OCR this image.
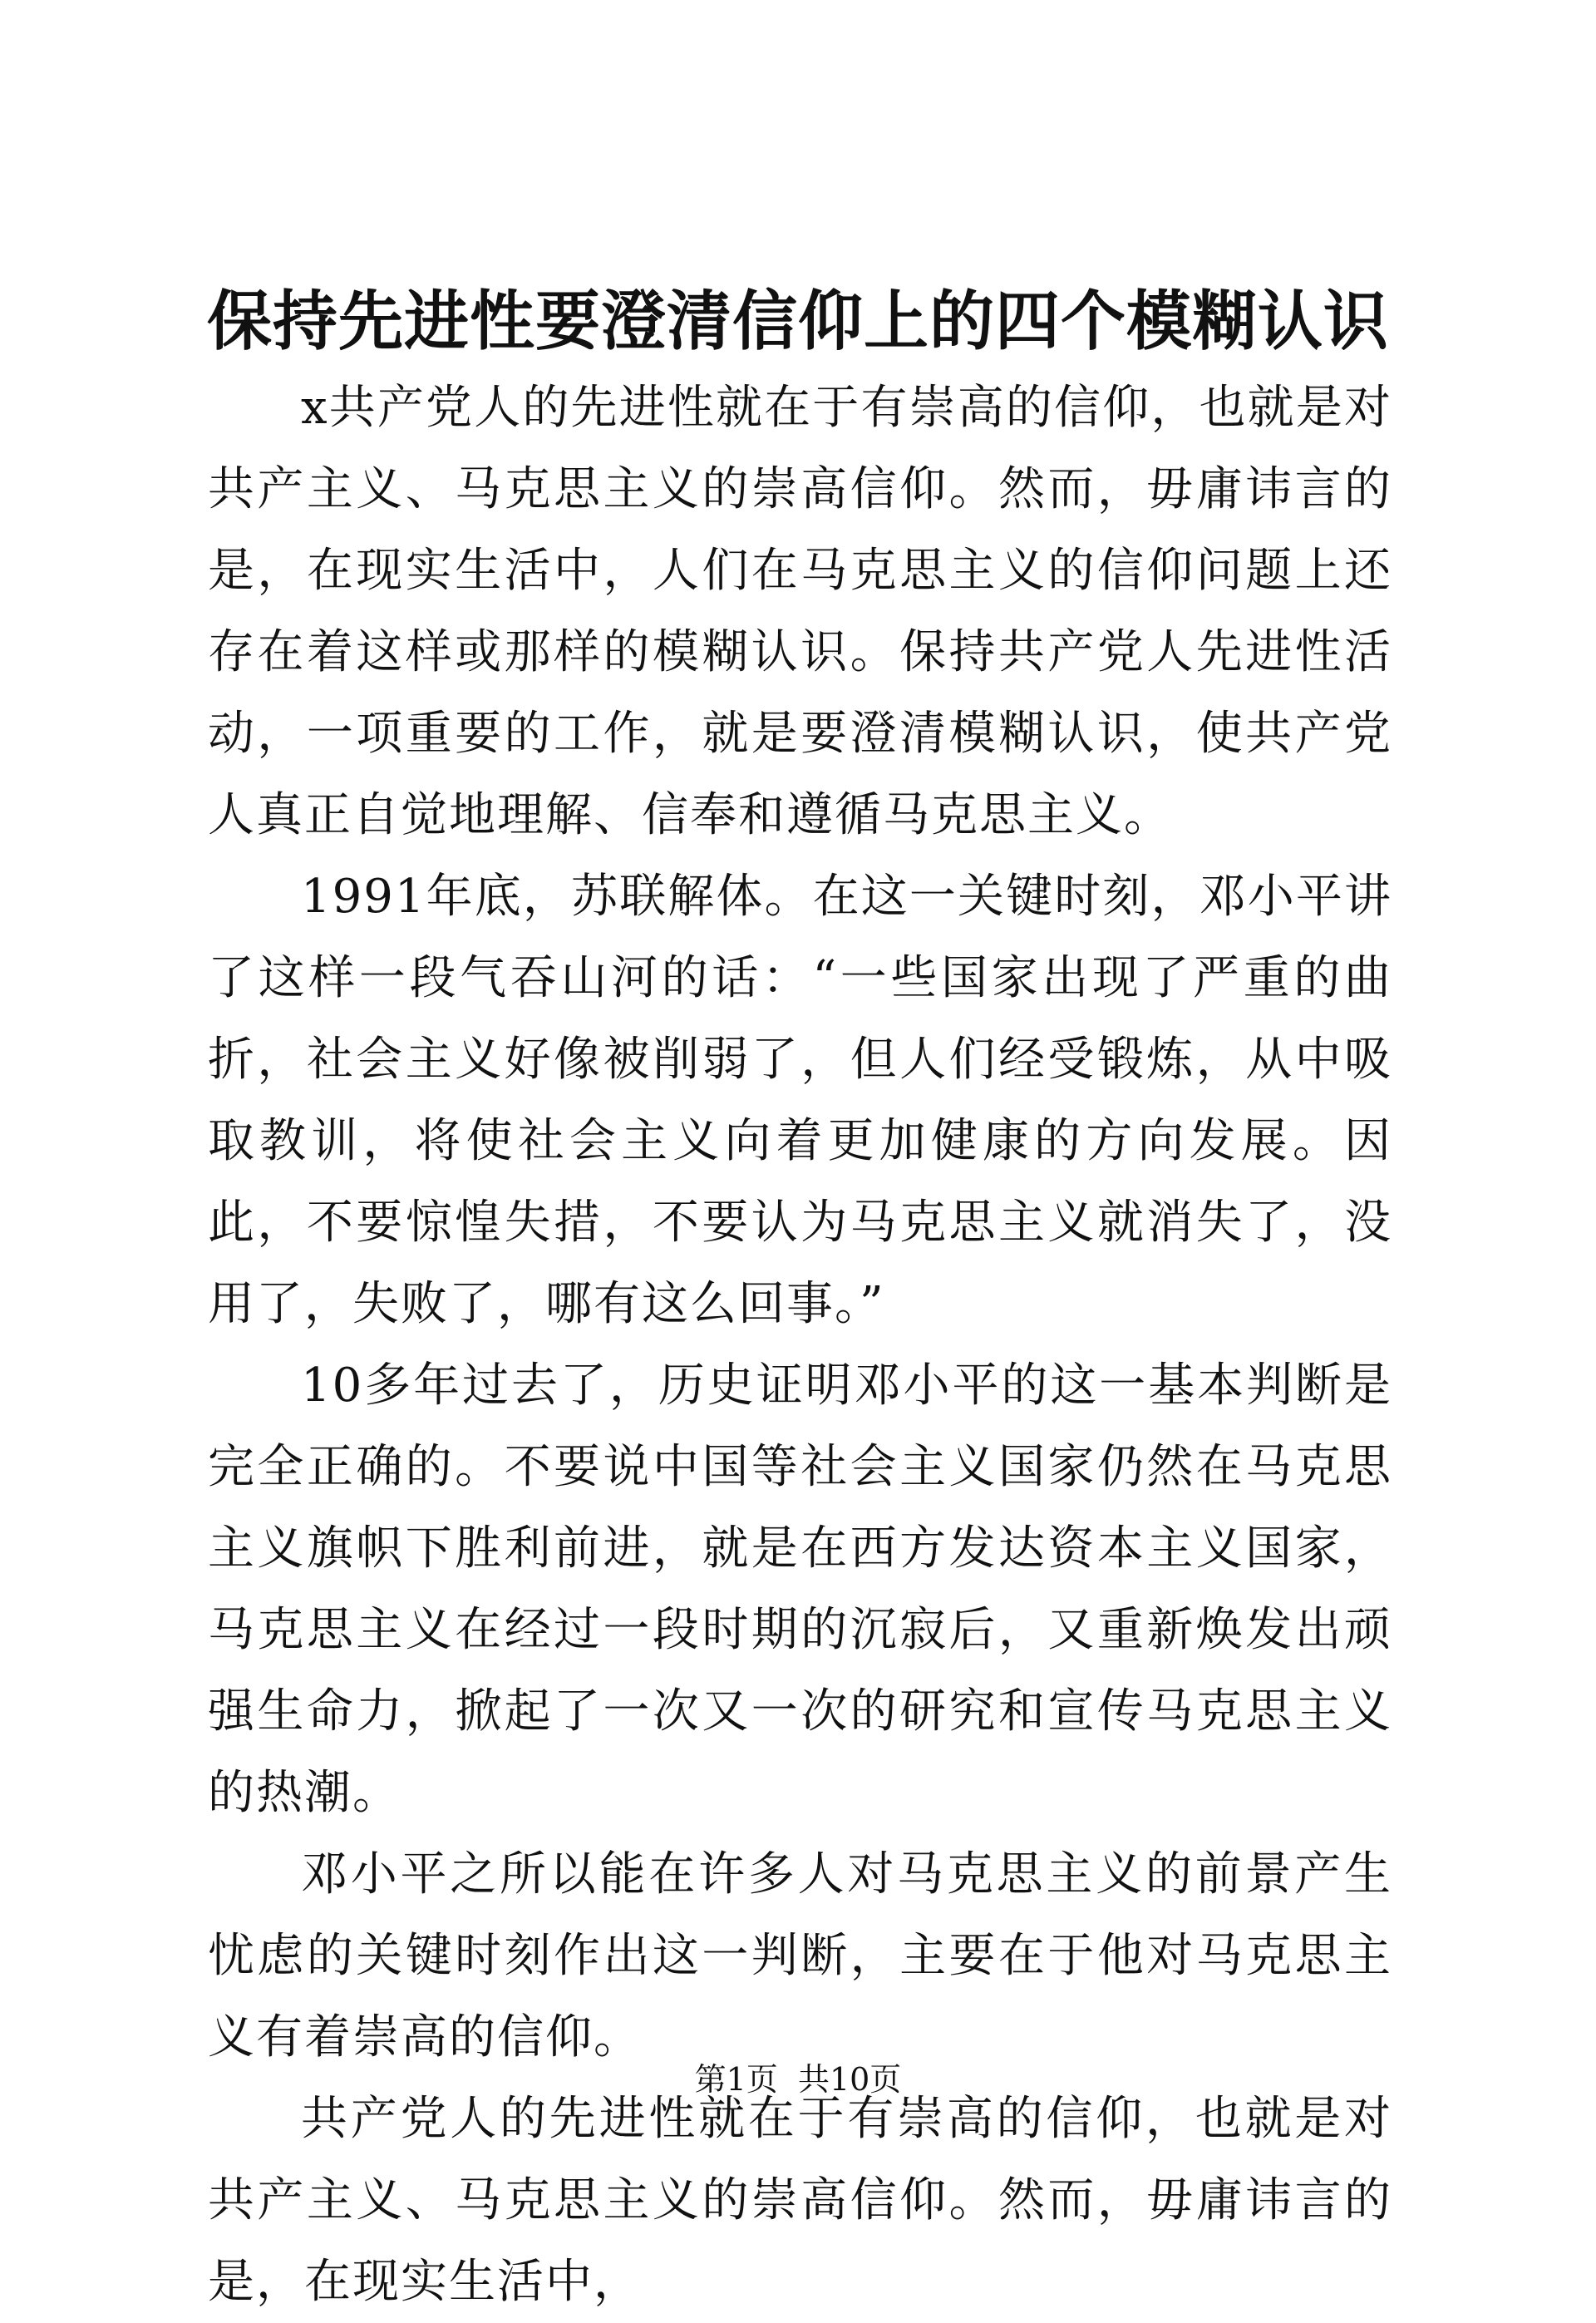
保持先进性要澄清信仰上的四个模糊认识

x共产党人的先进性就在于有崇高的信仰，也就是对共产主义、马克思主义的崇高信仰。然而，毋庸讳言的是，在现实生活中，人们在马克思主义的信仰问题上还存在着这样或那样的模糊认识。保持共产党人先进性活动，一项重要的工作，就是要澄清模糊认识，使共产党人真正自觉地理解、信奉和遵循马克思主义。

1991年底，苏联解体。在这一关键时刻，邓小平讲了这样一段气吞山河的话：“一些国家出现了严重的曲折，社会主义好像被削弱了，但人们经受锻炼，从中吸取教训，将使社会主义向着更加健康的方向发展。因此，不要惊惶失措，不要认为马克思主义就消失了，没用了，失败了，哪有这么回事。”

10多年过去了，历史证明邓小平的这一基本判断是完全正确的。不要说中国等社会主义国家仍然在马克思主义旗帜下胜利前进，就是在西方发达资本主义国家，马克思主义在经过一段时期的沉寂后，又重新焕发出顽强生命力，掀起了一次又一次的研究和宣传马克思主义的热潮。

邓小平之所以能在许多人对马克思主义的前景产生忧虑的关键时刻作出这一判断，主要在于他对马克思主义有着崇高的信仰。

共产党人的先进性就在于有崇高的信仰，也就是对共产主义、马克思主义的崇高信仰。然而，毋庸讳言的是，在现实生活中，

第1页 共10页
